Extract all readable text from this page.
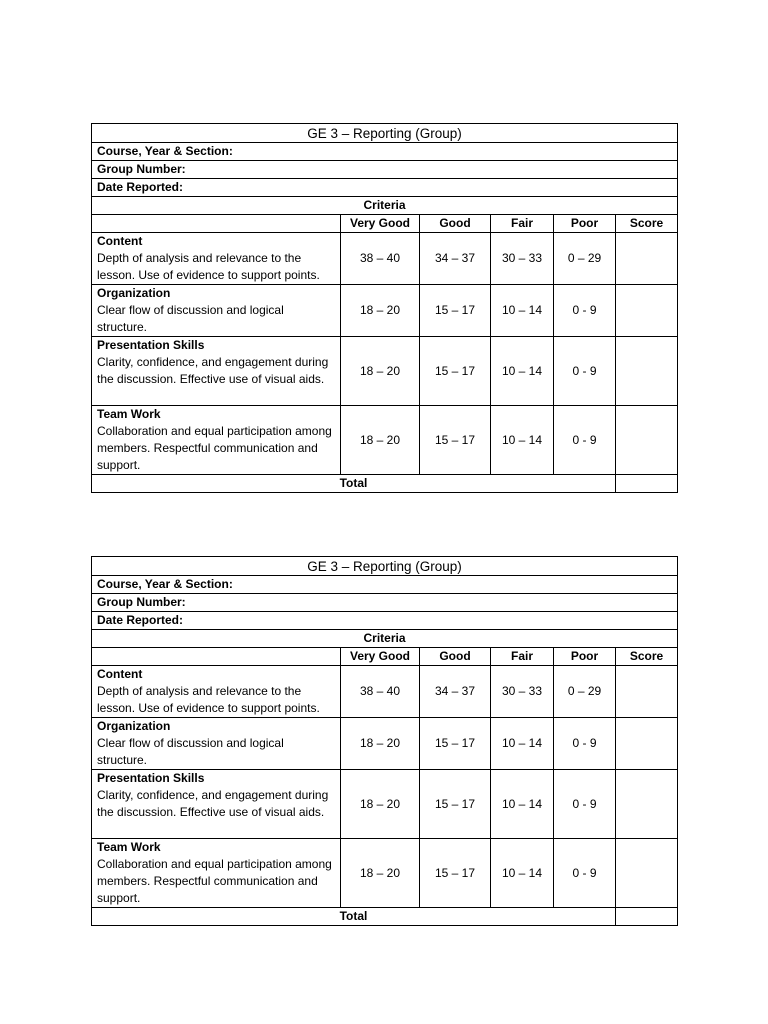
GE 3 – Reporting (Group)					
Course, Year & Section:					
Group Number:					
Date Reported:					
Criteria					
	Very Good	Good	Fair	Poor	Score

Content
Depth of analysis and relevance to the lesson. Use of evidence to support points.	38 – 40	34 – 37	30 – 33	0 – 29	

Organization
Clear flow of discussion and logical structure.	18 – 20	15 – 17	10 – 14	0 - 9	

Presentation Skills
Clarity, confidence, and engagement during the discussion. Effective use of visual aids.	18 – 20	15 – 17	10 – 14	0 - 9	

Team Work
Collaboration and equal participation among members. Respectful communication and support.	18 – 20	15 – 17	10 – 14	0 - 9	
Total					
GE 3 – Reporting (Group)					
Course, Year & Section:					
Group Number:					
Date Reported:					
Criteria					
	Very Good	Good	Fair	Poor	Score

Content
Depth of analysis and relevance to the lesson. Use of evidence to support points.	38 – 40	34 – 37	30 – 33	0 – 29	

Organization
Clear flow of discussion and logical structure.	18 – 20	15 – 17	10 – 14	0 - 9	

Presentation Skills
Clarity, confidence, and engagement during the discussion. Effective use of visual aids.	18 – 20	15 – 17	10 – 14	0 - 9	

Team Work
Collaboration and equal participation among members. Respectful communication and support.	18 – 20	15 – 17	10 – 14	0 - 9	
Total					
